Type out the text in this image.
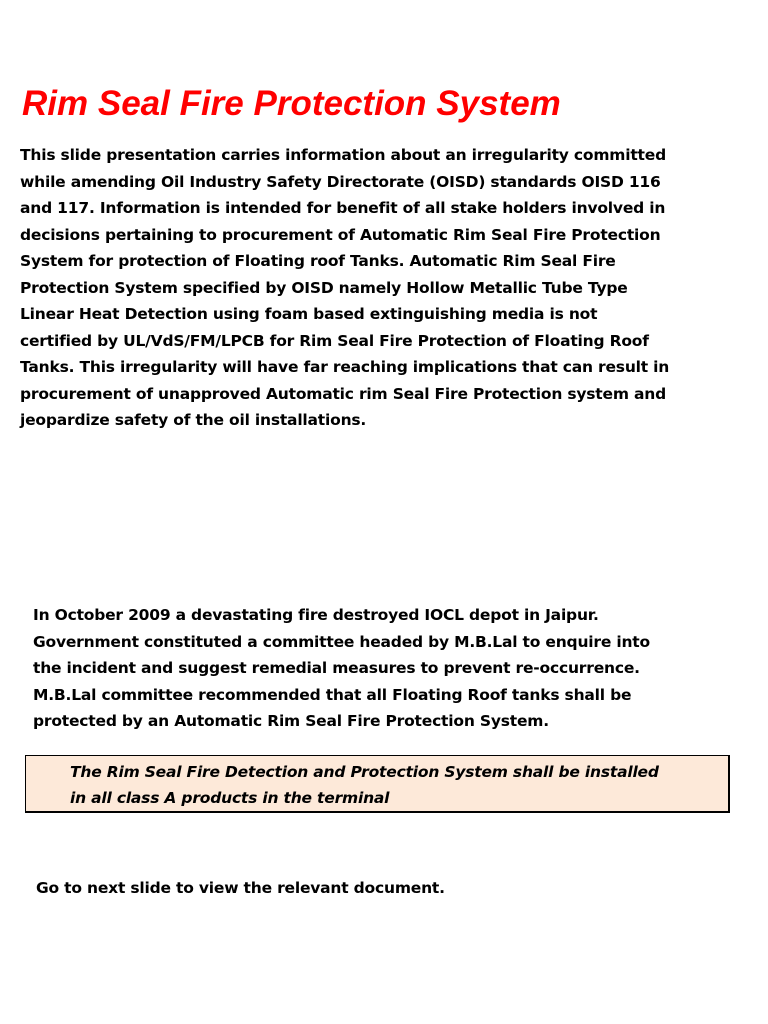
Rim Seal Fire Protection System

This slide presentation carries information about an irregularity committed while amending Oil Industry Safety Directorate (OISD) standards OISD 116 and 117. Information is intended for benefit of all stake holders involved in decisions pertaining to procurement of Automatic Rim Seal Fire Protection System for protection of Floating roof Tanks. Automatic Rim Seal Fire Protection System specified by OISD namely Hollow Metallic Tube Type Linear Heat Detection using foam based extinguishing media is not certified by UL/VdS/FM/LPCB for Rim Seal Fire Protection of Floating Roof Tanks. This irregularity will have far reaching implications that can result in procurement of unapproved Automatic rim Seal Fire Protection system and jeopardize safety of the oil installations.

In October 2009 a devastating fire destroyed IOCL depot in Jaipur. Government constituted a committee headed by M.B.Lal to enquire into the incident and suggest remedial measures to prevent re-occurrence. M.B.Lal committee recommended that all Floating Roof tanks shall be protected by an Automatic Rim Seal Fire Protection System.

The Rim Seal Fire Detection and Protection System shall be installed in all class A products in the terminal

Go to next slide to view the relevant document.
